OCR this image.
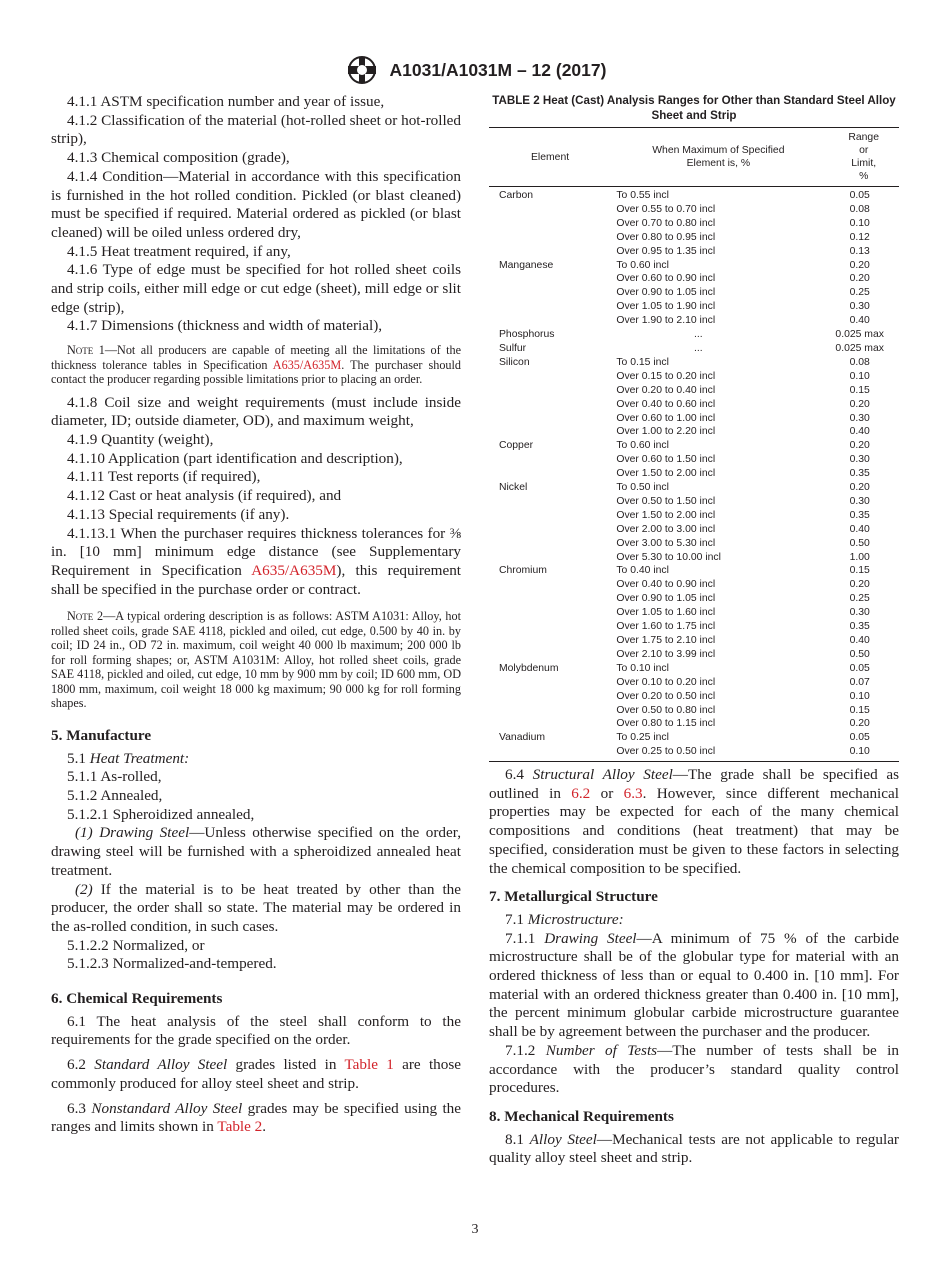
A1031/A1031M – 12 (2017)

4.1.1 ASTM specification number and year of issue,

4.1.2 Classification of the material (hot-rolled sheet or hot-rolled strip),

4.1.3 Chemical composition (grade),

4.1.4 Condition—Material in accordance with this specification is furnished in the hot rolled condition. Pickled (or blast cleaned) must be specified if required. Material ordered as pickled (or blast cleaned) will be oiled unless ordered dry,

4.1.5 Heat treatment required, if any,

4.1.6 Type of edge must be specified for hot rolled sheet coils and strip coils, either mill edge or cut edge (sheet), mill edge or slit edge (strip),

4.1.7 Dimensions (thickness and width of material),

Note 1—Not all producers are capable of meeting all the limitations of the thickness tolerance tables in Specification A635/A635M. The purchaser should contact the producer regarding possible limitations prior to placing an order.

4.1.8 Coil size and weight requirements (must include inside diameter, ID; outside diameter, OD), and maximum weight,

4.1.9 Quantity (weight),

4.1.10 Application (part identification and description),

4.1.11 Test reports (if required),

4.1.12 Cast or heat analysis (if required), and

4.1.13 Special requirements (if any).

4.1.13.1 When the purchaser requires thickness tolerances for ⅜ in. [10 mm] minimum edge distance (see Supplementary Requirement in Specification A635/A635M), this requirement shall be specified in the purchase order or contract.

Note 2—A typical ordering description is as follows: ASTM A1031: Alloy, hot rolled sheet coils, grade SAE 4118, pickled and oiled, cut edge, 0.500 by 40 in. by coil; ID 24 in., OD 72 in. maximum, coil weight 40 000 lb maximum; 200 000 lb for roll forming shapes; or, ASTM A1031M: Alloy, hot rolled sheet coils, grade SAE 4118, pickled and oiled, cut edge, 10 mm by 900 mm by coil; ID 600 mm, OD 1800 mm, maximum, coil weight 18 000 kg maximum; 90 000 kg for roll forming shapes.

5. Manufacture

5.1 Heat Treatment:

5.1.1 As-rolled,

5.1.2 Annealed,

5.1.2.1 Spheroidized annealed,

(1) Drawing Steel—Unless otherwise specified on the order, drawing steel will be furnished with a spheroidized annealed heat treatment.

(2) If the material is to be heat treated by other than the producer, the order shall so state. The material may be ordered in the as-rolled condition, in such cases.

5.1.2.2 Normalized, or

5.1.2.3 Normalized-and-tempered.

6. Chemical Requirements

6.1 The heat analysis of the steel shall conform to the requirements for the grade specified on the order.

6.2 Standard Alloy Steel grades listed in Table 1 are those commonly produced for alloy steel sheet and strip.

6.3 Nonstandard Alloy Steel grades may be specified using the ranges and limits shown in Table 2.

TABLE 2 Heat (Cast) Analysis Ranges for Other than Standard Steel Alloy Sheet and Strip
Element	When Maximum of Specified Element is, %	Range or Limit, %
Carbon	To 0.55 incl	0.05
	Over 0.55 to 0.70 incl	0.08
	Over 0.70 to 0.80 incl	0.10
	Over 0.80 to 0.95 incl	0.12
	Over 0.95 to 1.35 incl	0.13
Manganese	To 0.60 incl	0.20
	Over 0.60 to 0.90 incl	0.20
	Over 0.90 to 1.05 incl	0.25
	Over 1.05 to 1.90 incl	0.30
	Over 1.90 to 2.10 incl	0.40
Phosphorus	...	0.025 max
Sulfur	...	0.025 max
Silicon	To 0.15 incl	0.08
	Over 0.15 to 0.20 incl	0.10
	Over 0.20 to 0.40 incl	0.15
	Over 0.40 to 0.60 incl	0.20
	Over 0.60 to 1.00 incl	0.30
	Over 1.00 to 2.20 incl	0.40
Copper	To 0.60 incl	0.20
	Over 0.60 to 1.50 incl	0.30
	Over 1.50 to 2.00 incl	0.35
Nickel	To 0.50 incl	0.20
	Over 0.50 to 1.50 incl	0.30
	Over 1.50 to 2.00 incl	0.35
	Over 2.00 to 3.00 incl	0.40
	Over 3.00 to 5.30 incl	0.50
	Over 5.30 to 10.00 incl	1.00
Chromium	To 0.40 incl	0.15
	Over 0.40 to 0.90 incl	0.20
	Over 0.90 to 1.05 incl	0.25
	Over 1.05 to 1.60 incl	0.30
	Over 1.60 to 1.75 incl	0.35
	Over 1.75 to 2.10 incl	0.40
	Over 2.10 to 3.99 incl	0.50
Molybdenum	To 0.10 incl	0.05
	Over 0.10 to 0.20 incl	0.07
	Over 0.20 to 0.50 incl	0.10
	Over 0.50 to 0.80 incl	0.15
	Over 0.80 to 1.15 incl	0.20
Vanadium	To 0.25 incl	0.05
	Over 0.25 to 0.50 incl	0.10

6.4 Structural Alloy Steel—The grade shall be specified as outlined in 6.2 or 6.3. However, since different mechanical properties may be expected for each of the many chemical compositions and conditions (heat treatment) that may be specified, consideration must be given to these factors in selecting the chemical composition to be specified.

7. Metallurgical Structure

7.1 Microstructure:

7.1.1 Drawing Steel—A minimum of 75 % of the carbide microstructure shall be of the globular type for material with an ordered thickness of less than or equal to 0.400 in. [10 mm]. For material with an ordered thickness greater than 0.400 in. [10 mm], the percent minimum globular carbide microstructure guarantee shall be by agreement between the purchaser and the producer.

7.1.2 Number of Tests—The number of tests shall be in accordance with the producer’s standard quality control procedures.

8. Mechanical Requirements

8.1 Alloy Steel—Mechanical tests are not applicable to regular quality alloy steel sheet and strip.

3
